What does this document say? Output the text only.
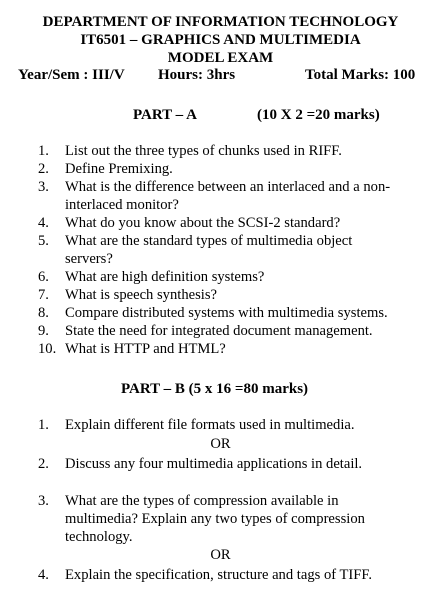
DEPARTMENT OF INFORMATION TECHNOLOGY
IT6501 – GRAPHICS AND MULTIMEDIA
MODEL EXAM
Year/Sem : III/V Hours: 3hrs	Total Marks: 100
PART – A	(10 X 2 =20 marks)
1.	List out the three types of chunks used in RIFF.
2.	Define Premixing.
3.	What is the difference between an interlaced and a non-
interlaced monitor?
4.	What do you know about the SCSI-2 standard?
5.	What are the standard types of multimedia object
servers?
6.	What are high definition systems?
7.	What is speech synthesis?
8.	Compare distributed systems with multimedia systems.
9.	State the need for integrated document management.
10. What is HTTP and HTML?
PART – B (5 x 16 =80 marks)
1.	Explain different file formats used in multimedia.
OR
2.	Discuss any four multimedia applications in detail.
3.	What are the types of compression available in
multimedia? Explain any two types of compression
technology.
OR
4.	Explain the specification, structure and tags of TIFF.
